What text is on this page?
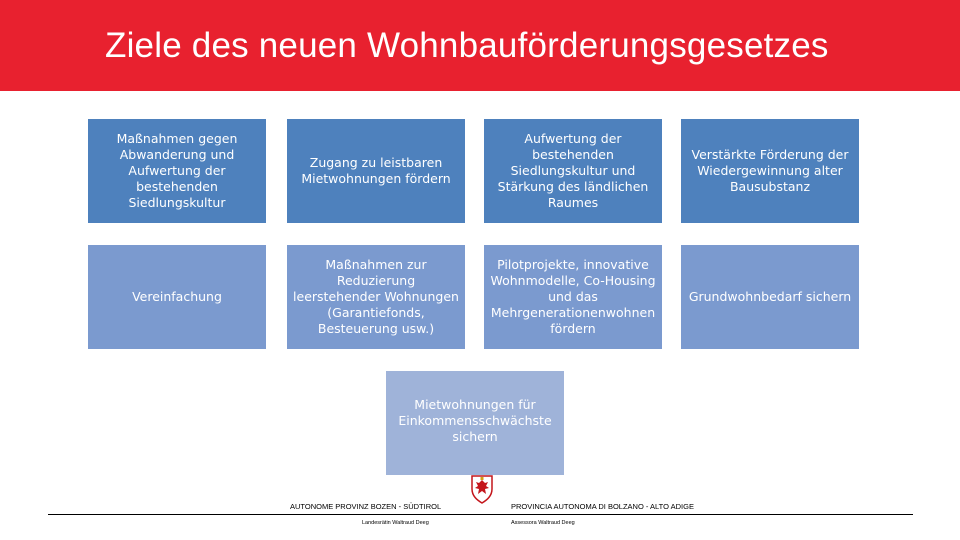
Ziele des neuen Wohnbauförderungsgesetzes
Maßnahmen gegen Abwanderung und Aufwertung der bestehenden Siedlungskultur
Zugang zu leistbaren Mietwohnungen fördern
Aufwertung der bestehenden Siedlungskultur und Stärkung des ländlichen Raumes
Verstärkte Förderung der Wiedergewinnung alter Bausubstanz
Vereinfachung
Maßnahmen zur Reduzierung leerstehender Wohnungen (Garantiefonds, Besteuerung usw.)
Pilotprojekte, innovative Wohnmodelle, Co-Housing und das Mehrgenerationenwohnen fördern
Grundwohnbedarf sichern
Mietwohnungen für Einkommensschwächste sichern
AUTONOME PROVINZ BOZEN - SÜDTIROL
Landesrätin Waltraud Deeg
PROVINCIA AUTONOMA DI BOLZANO - ALTO ADIGE
Assessora Waltraud Deeg
